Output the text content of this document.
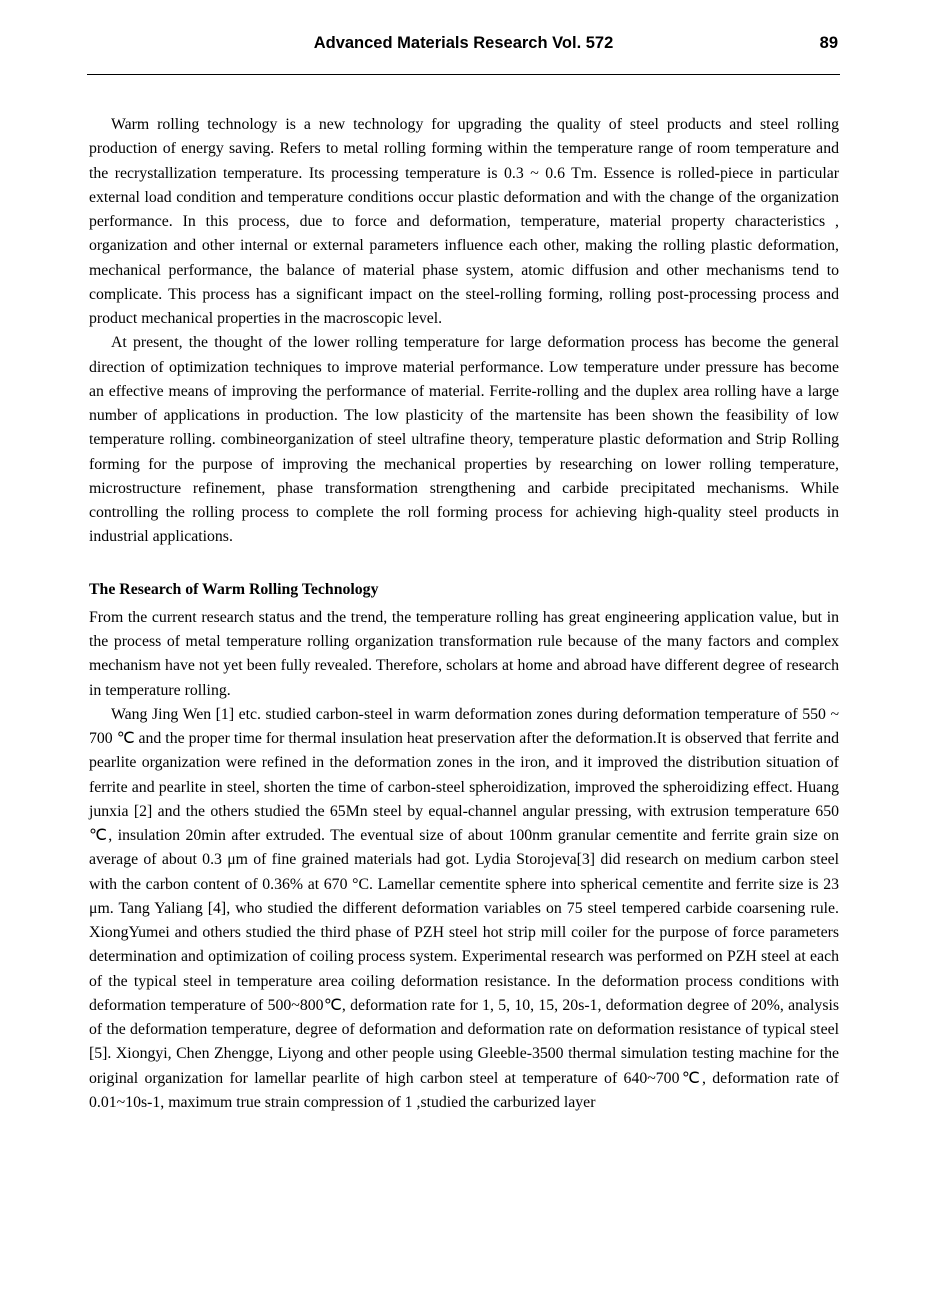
Advanced Materials Research Vol. 572	89

Warm rolling technology is a new technology for upgrading the quality of steel products and steel rolling production of energy saving. Refers to metal rolling forming within the temperature range of room temperature and the recrystallization temperature. Its processing temperature is 0.3 ~ 0.6 Tm. Essence is rolled-piece in particular external load condition and temperature conditions occur plastic deformation and with the change of the organization performance. In this process, due to force and deformation, temperature, material property characteristics , organization and other internal or external parameters influence each other, making the rolling plastic deformation, mechanical performance, the balance of material phase system, atomic diffusion and other mechanisms tend to complicate. This process has a significant impact on the steel-rolling forming, rolling post-processing process and product mechanical properties in the macroscopic level.

At present, the thought of the lower rolling temperature for large deformation process has become the general direction of optimization techniques to improve material performance. Low temperature under pressure has become an effective means of improving the performance of material. Ferrite-rolling and the duplex area rolling have a large number of applications in production. The low plasticity of the martensite has been shown the feasibility of low temperature rolling. combineorganization of steel ultrafine theory, temperature plastic deformation and Strip Rolling forming for the purpose of improving the mechanical properties by researching on lower rolling temperature, microstructure refinement, phase transformation strengthening and carbide precipitated mechanisms. While controlling the rolling process to complete the roll forming process for achieving high-quality steel products in industrial applications.

The Research of Warm Rolling Technology

From the current research status and the trend, the temperature rolling has great engineering application value, but in the process of metal temperature rolling organization transformation rule because of the many factors and complex mechanism have not yet been fully revealed. Therefore, scholars at home and abroad have different degree of research in temperature rolling.

Wang Jing Wen [1] etc. studied carbon-steel in warm deformation zones during deformation temperature of 550 ~ 700 ℃ and the proper time for thermal insulation heat preservation after the deformation.It is observed that ferrite and pearlite organization were refined in the deformation zones in the iron, and it improved the distribution situation of ferrite and pearlite in steel, shorten the time of carbon-steel spheroidization, improved the spheroidizing effect. Huang junxia [2] and the others studied the 65Mn steel by equal-channel angular pressing, with extrusion temperature 650 ℃, insulation 20min after extruded. The eventual size of about 100nm granular cementite and ferrite grain size on average of about 0.3 μm of fine grained materials had got. Lydia Storojeva[3] did research on medium carbon steel with the carbon content of 0.36% at 670 °C. Lamellar cementite sphere into spherical cementite and ferrite size is 23 μm. Tang Yaliang [4], who studied the different deformation variables on 75 steel tempered carbide coarsening rule. XiongYumei and others studied the third phase of PZH steel hot strip mill coiler for the purpose of force parameters determination and optimization of coiling process system. Experimental research was performed on PZH steel at each of the typical steel in temperature area coiling deformation resistance. In the deformation process conditions with deformation temperature of 500~800℃, deformation rate for 1, 5, 10, 15, 20s-1, deformation degree of 20%, analysis of the deformation temperature, degree of deformation and deformation rate on deformation resistance of typical steel [5]. Xiongyi, Chen Zhengge, Liyong and other people using Gleeble-3500 thermal simulation testing machine for the original organization for lamellar pearlite of high carbon steel at temperature of 640~700℃, deformation rate of 0.01~10s-1, maximum true strain compression of 1 ,studied the carburized layer
